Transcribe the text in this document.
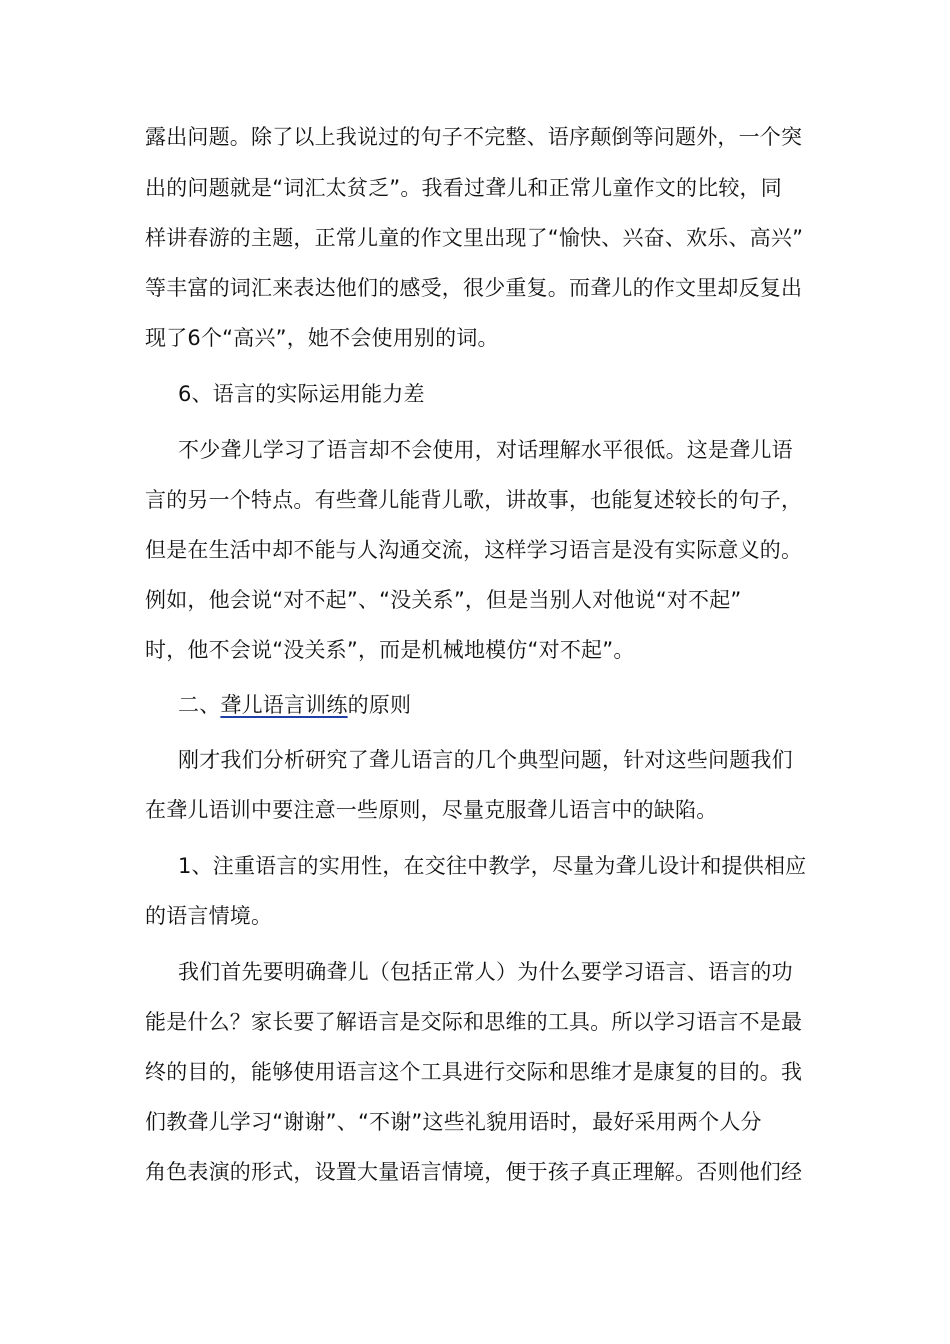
露出问题。除了以上我说过的句子不完整、语序颠倒等问题外，一个突
出的问题就是“词汇太贫乏”。我看过聋儿和正常儿童作文的比较，同
样讲春游的主题，正常儿童的作文里出现了“愉快、兴奋、欢乐、高兴”
等丰富的词汇来表达他们的感受，很少重复。而聋儿的作文里却反复出
现了6个“高兴”，她不会使用别的词。
6、语言的实际运用能力差
不少聋儿学习了语言却不会使用，对话理解水平很低。这是聋儿语
言的另一个特点。有些聋儿能背儿歌，讲故事，也能复述较长的句子，
但是在生活中却不能与人沟通交流，这样学习语言是没有实际意义的。
例如，他会说“对不起”、“没关系”，但是当别人对他说“对不起”
时，他不会说“没关系”，而是机械地模仿“对不起”。
二、聋儿语言训练的原则
刚才我们分析研究了聋儿语言的几个典型问题，针对这些问题我们
在聋儿语训中要注意一些原则，尽量克服聋儿语言中的缺陷。
1、注重语言的实用性，在交往中教学，尽量为聋儿设计和提供相应
的语言情境。
我们首先要明确聋儿（包括正常人）为什么要学习语言、语言的功
能是什么？家长要了解语言是交际和思维的工具。所以学习语言不是最
终的目的，能够使用语言这个工具进行交际和思维才是康复的目的。我
们教聋儿学习“谢谢”、“不谢”这些礼貌用语时，最好采用两个人分
角色表演的形式，设置大量语言情境，便于孩子真正理解。否则他们经
